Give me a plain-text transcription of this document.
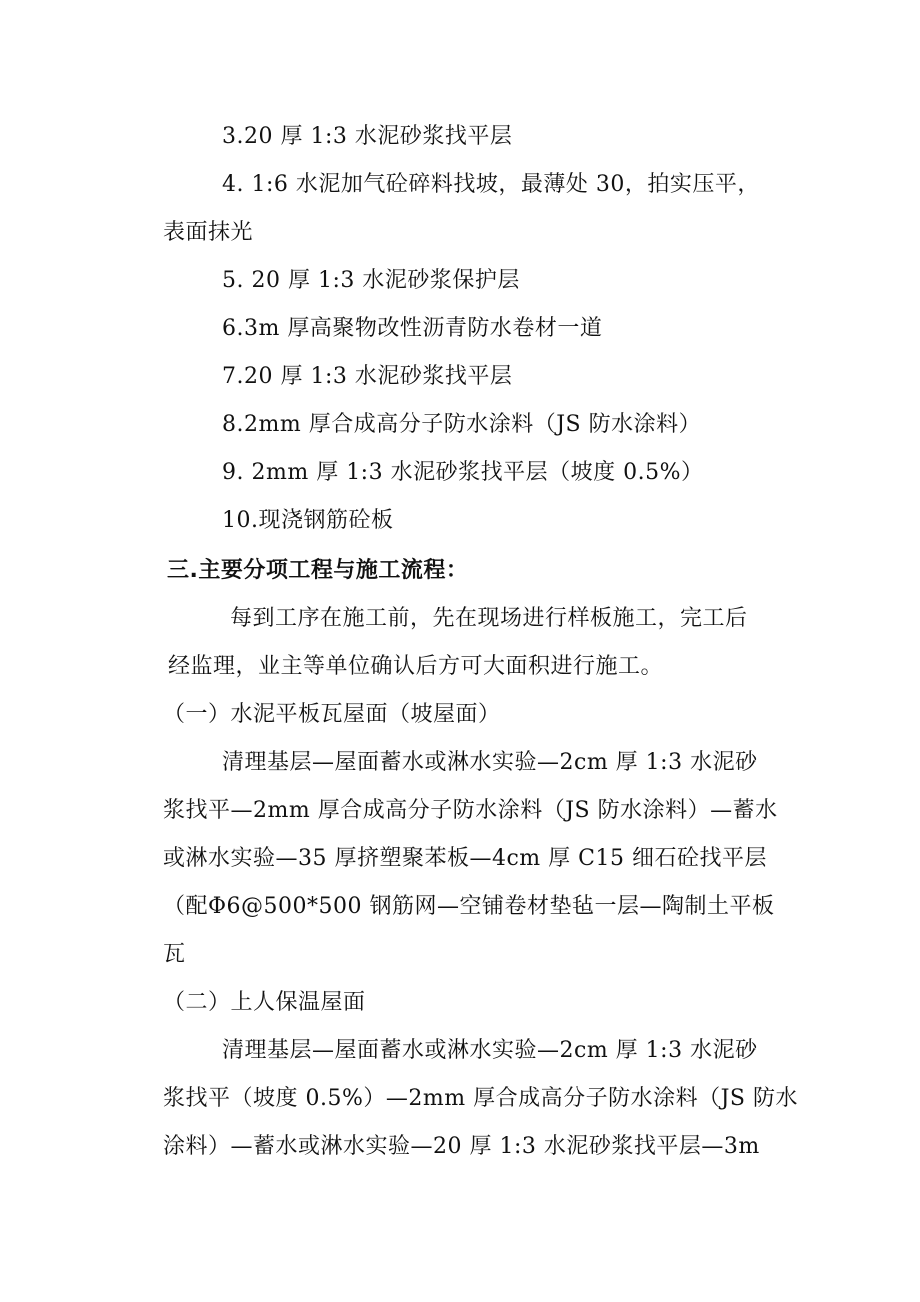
3.20 厚 1:3 水泥砂浆找平层
4. 1:6 水泥加气砼碎料找坡，最薄处 30，拍实压平，
表面抹光
5. 20 厚 1:3 水泥砂浆保护层
6.3m 厚高聚物改性沥青防水卷材一道
7.20 厚 1:3 水泥砂浆找平层
8.2mm 厚合成高分子防水涂料（JS 防水涂料）
9. 2mm 厚 1:3 水泥砂浆找平层（坡度 0.5%）
10.现浇钢筋砼板
三.主要分项工程与施工流程：
每到工序在施工前，先在现场进行样板施工，完工后
经监理，业主等单位确认后方可大面积进行施工。
（一）水泥平板瓦屋面（坡屋面）
清理基层—屋面蓄水或淋水实验—2cm 厚 1:3 水泥砂
浆找平—2mm 厚合成高分子防水涂料（JS 防水涂料）—蓄水
或淋水实验—35 厚挤塑聚苯板—4cm 厚 C15 细石砼找平层
（配Φ6@500*500 钢筋网—空铺卷材垫毡一层—陶制土平板
瓦
（二）上人保温屋面
清理基层—屋面蓄水或淋水实验—2cm 厚 1:3 水泥砂
浆找平（坡度 0.5%）—2mm 厚合成高分子防水涂料（JS 防水
涂料）—蓄水或淋水实验—20 厚 1:3 水泥砂浆找平层—3m
